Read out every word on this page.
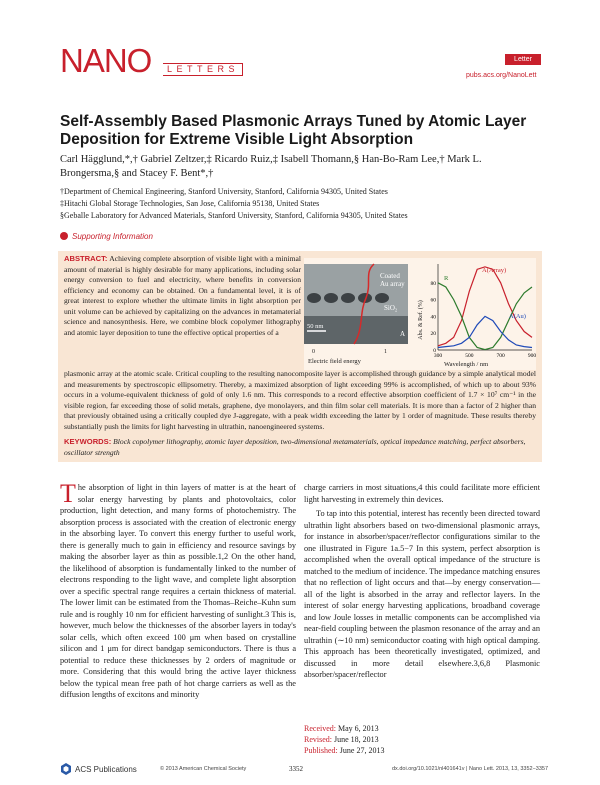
NANO	LETTERS
Letter
pubs.acs.org/NanoLett
Self-Assembly Based Plasmonic Arrays Tuned by Atomic Layer Deposition for Extreme Visible Light Absorption
Carl Hägglund,*,† Gabriel Zeltzer,‡ Ricardo Ruiz,‡ Isabell Thomann,§ Han-Bo-Ram Lee,† Mark L. Brongersma,§ and Stacey F. Bent*,†
†Department of Chemical Engineering, Stanford University, Stanford, California 94305, United States
‡Hitachi Global Storage Technologies, San Jose, California 95138, United States
§Geballe Laboratory for Advanced Materials, Stanford University, Stanford, California 94305, United States
Supporting Information
ABSTRACT: Achieving complete absorption of visible light with a minimal amount of material is highly desirable for many applications, including solar energy conversion to fuel and electricity, where benefits in conversion efficiency and economy can be obtained. On a fundamental level, it is of great interest to explore whether the ultimate limits in light absorption per unit volume can be achieved by capitalizing on the advances in metamaterial science and nanosynthesis. Here, we combine block copolymer lithography and atomic layer deposition to tune the effective optical properties of a
Coated
Au array
SiO₂
50 nm
A
0	1
Electric field energy
Abs. & Ref. (%)
300	500	700	900
0
20
40
60
80
R
A(Array)
A(Au)
Wavelength / nm
plasmonic array at the atomic scale. Critical coupling to the resulting nanocomposite layer is accomplished through guidance by a simple analytical model and measurements by spectroscopic ellipsometry. Thereby, a maximized absorption of light exceeding 99% is accomplished, of which up to about 93% occurs in a volume-equivalent thickness of gold of only 1.6 nm. This corresponds to a record effective absorption coefficient of 1.7 × 10⁷ cm⁻¹ in the visible region, far exceeding those of solid metals, graphene, dye monolayers, and thin film solar cell materials. It is more than a factor of 2 higher than that previously obtained using a critically coupled dye J-aggregate, with a peak width exceeding the latter by 1 order of magnitude. These results thereby substantially push the limits for light harvesting in ultrathin, nanoengineered systems.
KEYWORDS: Block copolymer lithography, atomic layer deposition, two-dimensional metamaterials, optical impedance matching, perfect absorbers, oscillator strength
The absorption of light in thin layers of matter is at the heart of solar energy harvesting by plants and photovoltaics, color production, light detection, and many forms of photochemistry. The absorption process is associated with the creation of electronic energy in the absorbing layer. To convert this energy further to useful work, there is generally much to gain in efficiency and resource savings by making the absorber layer as thin as possible.1,2 On the other hand, the likelihood of absorption is fundamentally linked to the number of electrons responding to the light wave, and complete light absorption over a specific spectral range requires a certain thickness of material. The lower limit can be estimated from the Thomas–Reiche–Kuhn sum rule and is roughly 10 nm for efficient harvesting of sunlight.3 This is, however, much below the thicknesses of the absorber layers in today's solar cells, which often exceed 100 μm when based on crystalline silicon and 1 μm for direct bandgap semiconductors. There is thus a potential to reduce these thicknesses by 2 orders of magnitude or more. Considering that this would bring the active layer thickness below the typical mean free path of hot charge carriers as well as the diffusion lengths of excitons and minority
charge carriers in most situations,4 this could facilitate more efficient light harvesting in extremely thin devices.
To tap into this potential, interest has recently been directed toward ultrathin light absorbers based on two-dimensional plasmonic arrays, for instance in absorber/spacer/reflector configurations similar to the one illustrated in Figure 1a.5−7 In this system, perfect absorption is accomplished when the overall optical impedance of the structure is matched to the medium of incidence. The impedance matching ensures that no reflection of light occurs and that—by energy conservation—all of the light is absorbed in the array and reflector layers. In the interest of solar energy harvesting applications, broadband coverage and low Joule losses in metallic components can be accomplished via near-field coupling between the plasmon resonance of the array and an ultrathin (∼10 nm) semiconductor coating with high optical damping. This approach has been theoretically investigated, optimized, and discussed in more detail elsewhere.3,6,8 Plasmonic absorber/spacer/reflector
Received: May 6, 2013
Revised: June 18, 2013
Published: June 27, 2013
ACS Publications	© 2013 American Chemical Society	3352	dx.doi.org/10.1021/nl401641v | Nano Lett. 2013, 13, 3352−3357
